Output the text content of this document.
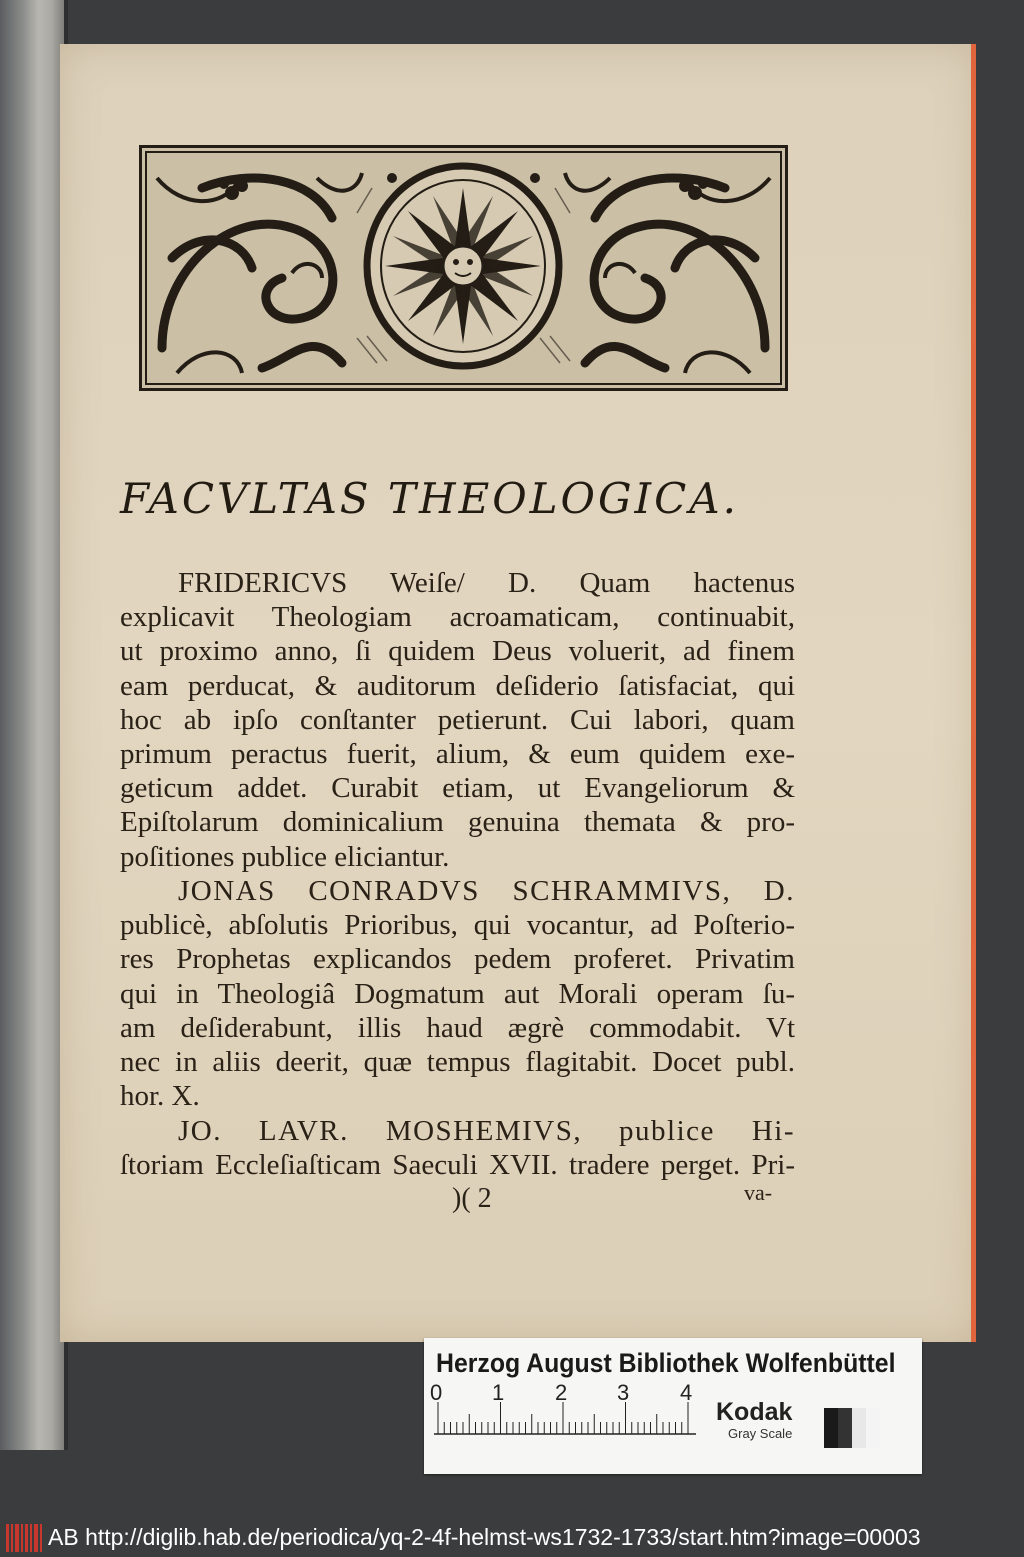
FACVLTAS THEOLOGICA.
FRIDERICVS Weiſe/ D. Quam hactenus
explicavit Theologiam acroamaticam, continuabit,
ut proximo anno, ſi quidem Deus voluerit, ad finem
eam perducat, & auditorum deſiderio ſatisfaciat, qui
hoc ab ipſo conſtanter petierunt. Cui labori, quam
primum peractus fuerit, alium, & eum quidem exe-
geticum addet. Curabit etiam, ut Evangeliorum &
Epiſtolarum dominicalium genuina themata & pro-
poſitiones publice eliciantur.
JONAS CONRADVS SCHRAMMIVS, D.
publicè, abſolutis Prioribus, qui vocantur, ad Poſterio-
res Prophetas explicandos pedem proferet. Privatim
qui in Theologiâ Dogmatum aut Morali operam ſu-
am deſiderabunt, illis haud ægrè commodabit. Vt
nec in aliis deerit, quæ tempus flagitabit. Docet publ.
hor. X.
JO. LAVR. MOSHEMIVS, publice Hi-
ſtoriam Eccleſiaſticam Saeculi XVII. tradere perget. Pri-
)( 2	va-
Herzog August Bibliothek Wolfenbüttel
0 1 2 3 4
Kodak
Gray Scale
AB http://diglib.hab.de/periodica/yq-2-4f-helmst-ws1732-1733/start.htm?image=00003
